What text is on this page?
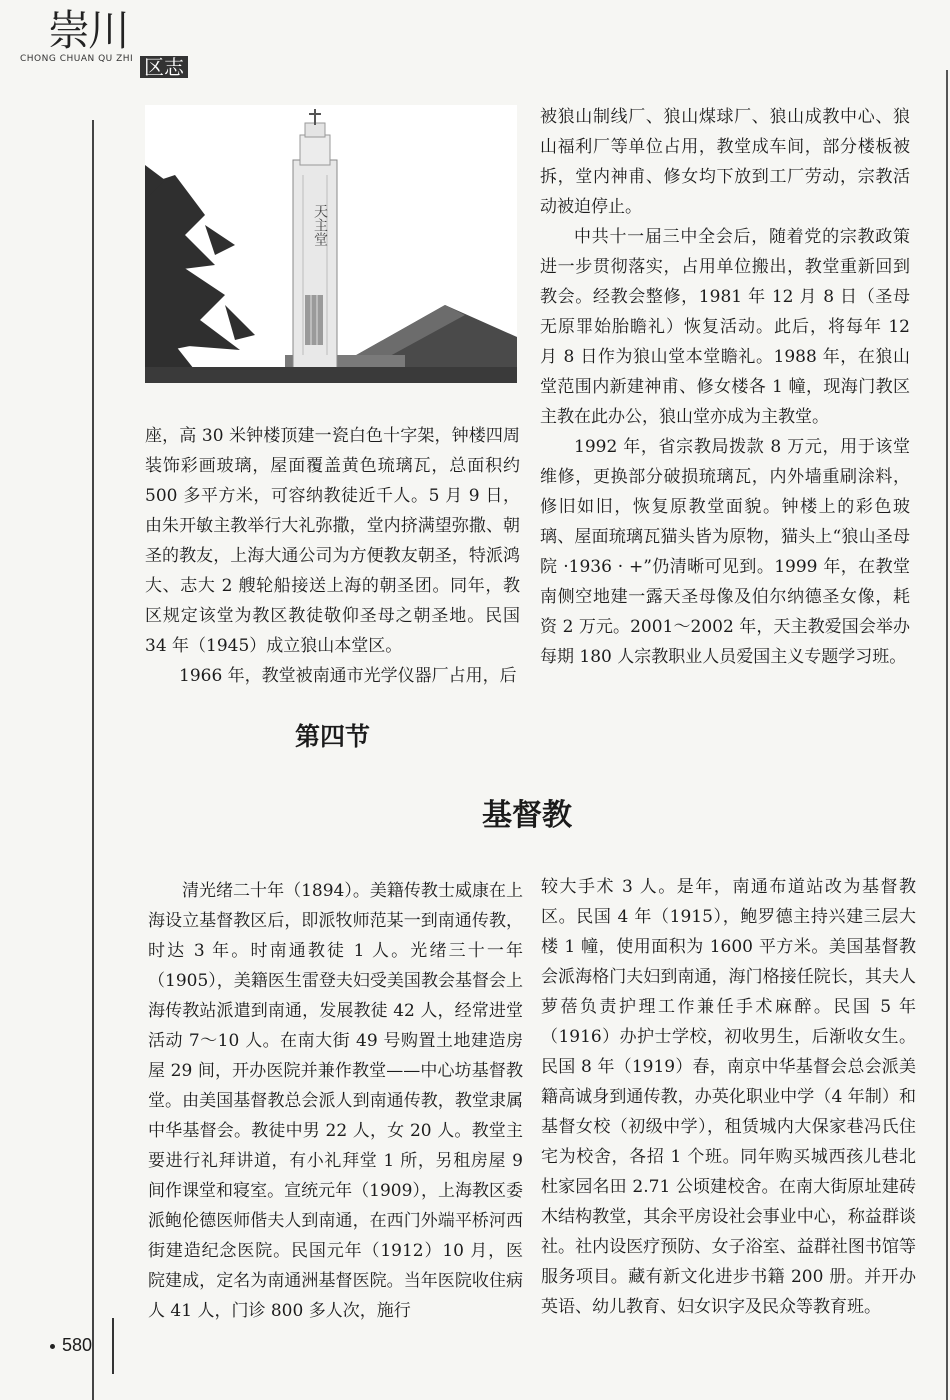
崇川
CHONG CHUAN QU ZHI 区志
天主堂

座，高 30 米钟楼顶建一瓷白色十字架，钟楼四周装饰彩画玻璃，屋面覆盖黄色琉璃瓦，总面积约 500 多平方米，可容纳教徒近千人。5 月 9 日，由朱开敏主教举行大礼弥撒，堂内挤满望弥撒、朝圣的教友，上海大通公司为方便教友朝圣，特派鸿大、志大 2 艘轮船接送上海的朝圣团。同年，教区规定该堂为教区教徒敬仰圣母之朝圣地。民国 34 年（1945）成立狼山本堂区。

1966 年，教堂被南通市光学仪器厂占用，后

被狼山制线厂、狼山煤球厂、狼山成教中心、狼山福利厂等单位占用，教堂成车间，部分楼板被拆，堂内神甫、修女均下放到工厂劳动，宗教活动被迫停止。

中共十一届三中全会后，随着党的宗教政策进一步贯彻落实，占用单位搬出，教堂重新回到教会。经教会整修，1981 年 12 月 8 日（圣母无原罪始胎瞻礼）恢复活动。此后，将每年 12 月 8 日作为狼山堂本堂瞻礼。1988 年，在狼山堂范围内新建神甫、修女楼各 1 幢，现海门教区主教在此办公，狼山堂亦成为主教堂。

1992 年，省宗教局拨款 8 万元，用于该堂维修，更换部分破损琉璃瓦，内外墙重刷涂料，修旧如旧，恢复原教堂面貌。钟楼上的彩色玻璃、屋面琉璃瓦猫头皆为原物，猫头上“狼山圣母院 ·1936 · +”仍清晰可见到。1999 年，在教堂南侧空地建一露天圣母像及伯尔纳德圣女像，耗资 2 万元。2001～2002 年，天主教爱国会举办每期 180 人宗教职业人员爱国主义专题学习班。

第四节
基督教

清光绪二十年（1894）。美籍传教士威康在上海设立基督教区后，即派牧师范某一到南通传教，时达 3 年。时南通教徒 1 人。光绪三十一年（1905），美籍医生雷登夫妇受美国教会基督会上海传教站派遣到南通，发展教徒 42 人，经常进堂活动 7～10 人。在南大街 49 号购置土地建造房屋 29 间，开办医院并兼作教堂——中心坊基督教堂。由美国基督教总会派人到南通传教，教堂隶属中华基督会。教徒中男 22 人，女 20 人。教堂主要进行礼拜讲道，有小礼拜堂 1 所，另租房屋 9 间作课堂和寝室。宣统元年（1909），上海教区委派鲍伦德医师偕夫人到南通，在西门外端平桥河西街建造纪念医院。民国元年（1912）10 月，医院建成，定名为南通洲基督医院。当年医院收住病人 41 人，门诊 800 多人次，施行

较大手术 3 人。是年，南通布道站改为基督教区。民国 4 年（1915），鲍罗德主持兴建三层大楼 1 幢，使用面积为 1600 平方米。美国基督教会派海格门夫妇到南通，海门格接任院长，其夫人萝蓓负责护理工作兼任手术麻醉。民国 5 年（1916）办护士学校，初收男生，后渐收女生。民国 8 年（1919）春，南京中华基督会总会派美籍高诚身到通传教，办英化职业中学（4 年制）和基督女校（初级中学），租赁城内大保家巷冯氏住宅为校舍，各招 1 个班。同年购买城西孩儿巷北杜家园名田 2.71 公顷建校舍。在南大街原址建砖木结构教堂，其余平房设社会事业中心，称益群谈社。社内设医疗预防、女子浴室、益群社图书馆等服务项目。藏有新文化进步书籍 200 册。并开办英语、幼儿教育、妇女识字及民众等教育班。

580
